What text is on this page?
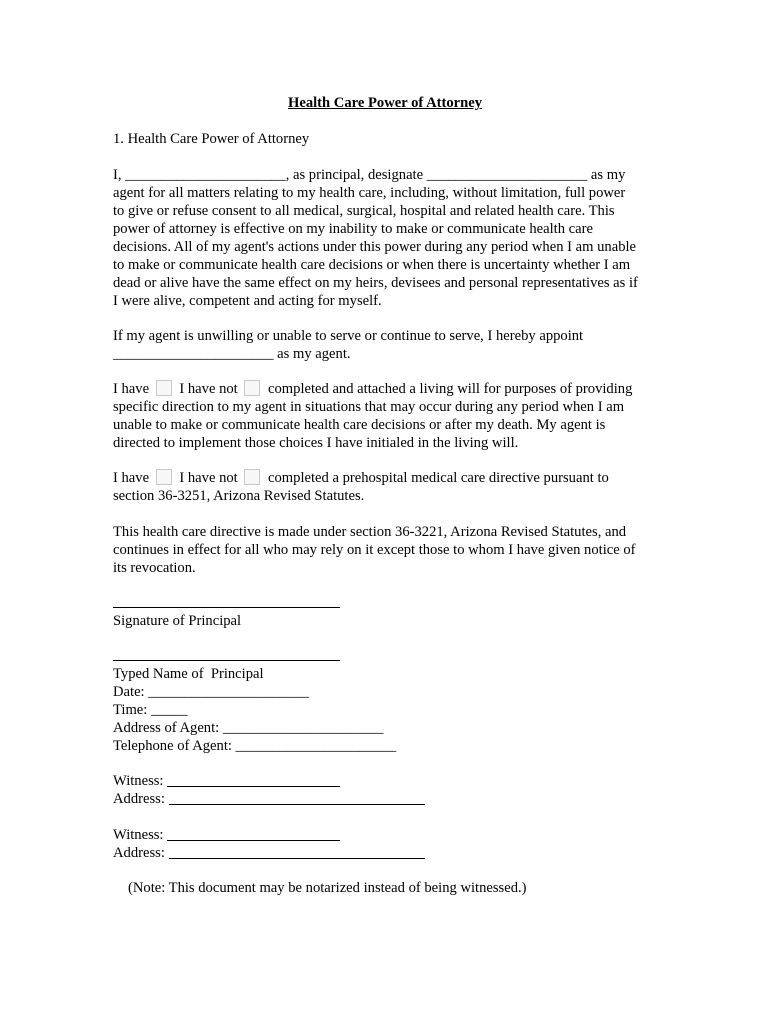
Health Care Power of Attorney
1. Health Care Power of Attorney
I, ______________________, as principal, designate ______________________ as my
agent for all matters relating to my health care, including, without limitation, full power
to give or refuse consent to all medical, surgical, hospital and related health care. This
power of attorney is effective on my inability to make or communicate health care
decisions. All of my agent's actions under this power during any period when I am unable
to make or communicate health care decisions or when there is uncertainty whether I am
dead or alive have the same effect on my heirs, devisees and personal representatives as if
I were alive, competent and acting for myself.
If my agent is unwilling or unable to serve or continue to serve, I hereby appoint
______________________ as my agent.
I have  I have not  completed and attached a living will for purposes of providing
specific direction to my agent in situations that may occur during any period when I am
unable to make or communicate health care decisions or after my death. My agent is
directed to implement those choices I have initialed in the living will.
I have  I have not  completed a prehospital medical care directive pursuant to
section 36-3251, Arizona Revised Statutes.
This health care directive is made under section 36-3221, Arizona Revised Statutes, and
continues in effect for all who may rely on it except those to whom I have given notice of
its revocation.
Signature of Principal
Typed Name of  Principal
Date: ______________________
Time: _____
Address of Agent: ______________________
Telephone of Agent: ______________________
Witness:
Address:
Witness:
Address:
(Note: This document may be notarized instead of being witnessed.)
